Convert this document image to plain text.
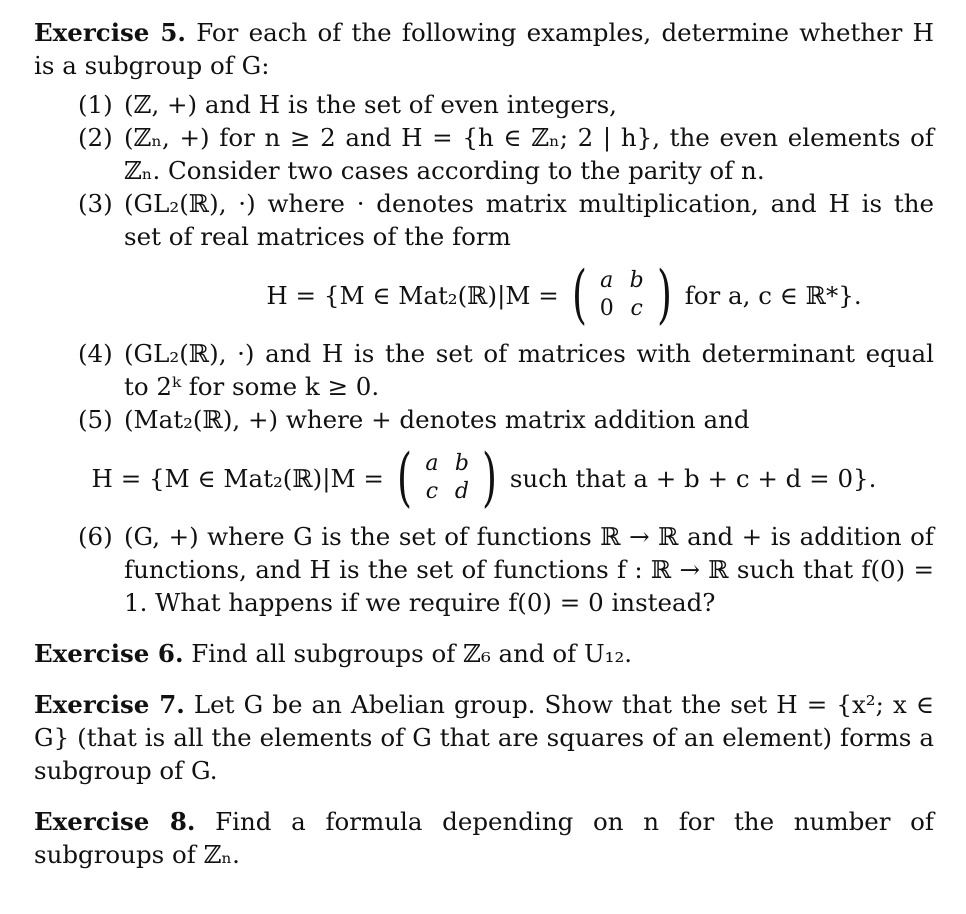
Exercise 5. For each of the following examples, determine whether H is a subgroup of G:

(1) (ℤ, +) and H is the set of even integers,
(2) (ℤₙ, +) for n ≥ 2 and H = {h ∈ ℤₙ; 2 | h}, the even elements of ℤₙ. Consider two cases according to the parity of n.
(3) (GL₂(ℝ), ·) where · denotes matrix multiplication, and H is the set of real matrices of the form
H = {M ∈ Mat₂(ℝ)|M = ( a b
0 c ) for a, c ∈ ℝ*}.
(4) (GL₂(ℝ), ·) and H is the set of matrices with determinant equal to 2ᵏ for some k ≥ 0.
(5) (Mat₂(ℝ), +) where + denotes matrix addition and
H = {M ∈ Mat₂(ℝ)|M = ( a b
c d ) such that a + b + c + d = 0}.
(6) (G, +) where G is the set of functions ℝ → ℝ and + is addition of functions, and H is the set of functions f : ℝ → ℝ such that f(0) = 1. What happens if we require f(0) = 0 instead?

Exercise 6. Find all subgroups of ℤ₆ and of U₁₂.

Exercise 7. Let G be an Abelian group. Show that the set H = {x²; x ∈ G} (that is all the elements of G that are squares of an element) forms a subgroup of G.

Exercise 8. Find a formula depending on n for the number of subgroups of ℤₙ.
